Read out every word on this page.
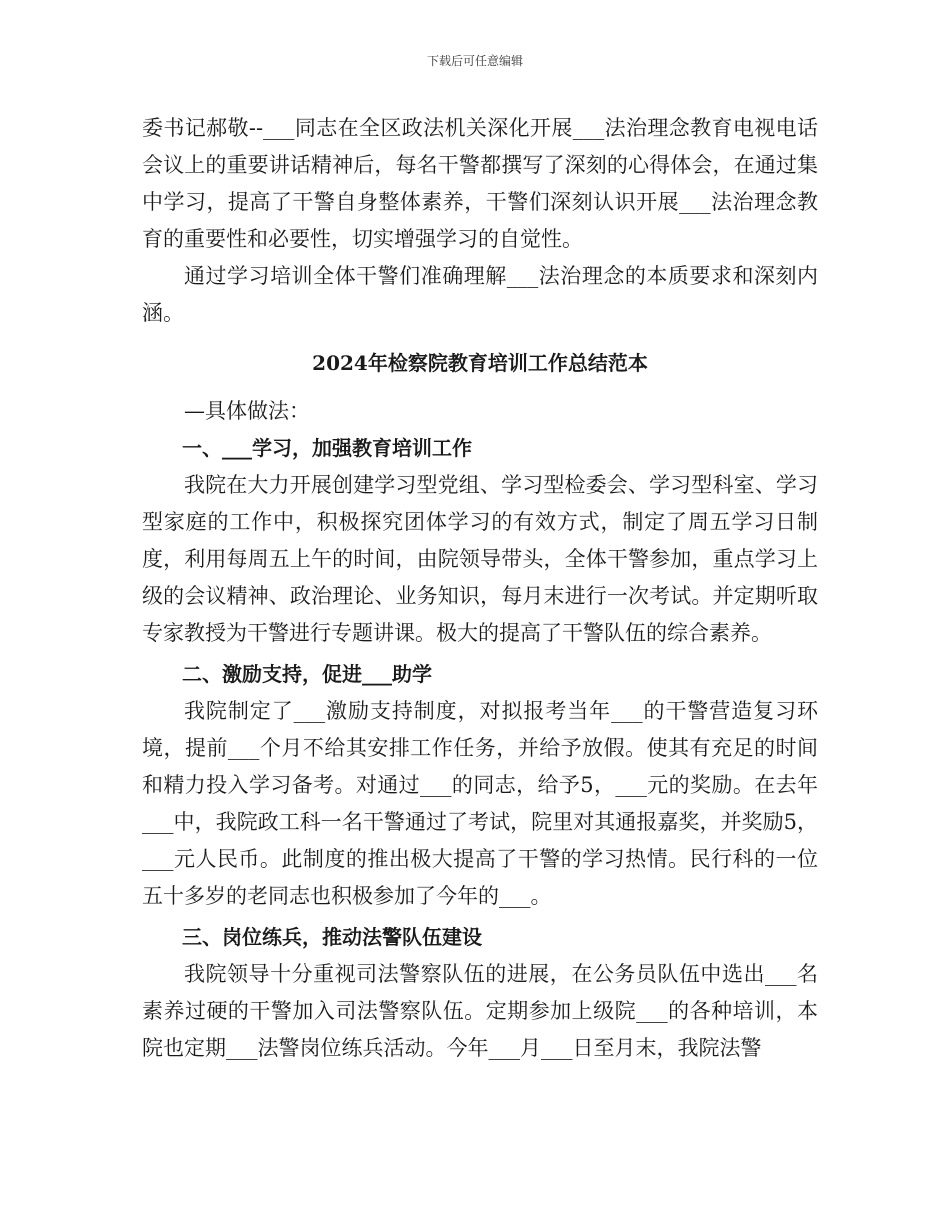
下载后可任意编辑

委书记郝敬--___同志在全区政法机关深化开展___法治理念教育电视电话会议上的重要讲话精神后，每名干警都撰写了深刻的心得体会，在通过集中学习，提高了干警自身整体素养，干警们深刻认识开展___法治理念教育的重要性和必要性，切实增强学习的自觉性。

通过学习培训全体干警们准确理解___法治理念的本质要求和深刻内涵。

2024年检察院教育培训工作总结范本

—具体做法：

一、___学习，加强教育培训工作

我院在大力开展创建学习型党组、学习型检委会、学习型科室、学习型家庭的工作中，积极探究团体学习的有效方式，制定了周五学习日制度，利用每周五上午的时间，由院领导带头，全体干警参加，重点学习上级的会议精神、政治理论、业务知识，每月末进行一次考试。并定期听取专家教授为干警进行专题讲课。极大的提高了干警队伍的综合素养。

二、激励支持，促进___助学

我院制定了___激励支持制度，对拟报考当年___的干警营造复习环境，提前___个月不给其安排工作任务，并给予放假。使其有充足的时间和精力投入学习备考。对通过___的同志，给予5，___元的奖励。在去年___中，我院政工科一名干警通过了考试，院里对其通报嘉奖，并奖励5，___元人民币。此制度的推出极大提高了干警的学习热情。民行科的一位五十多岁的老同志也积极参加了今年的___。

三、岗位练兵，推动法警队伍建设

我院领导十分重视司法警察队伍的进展，在公务员队伍中选出___名素养过硬的干警加入司法警察队伍。定期参加上级院___的各种培训，本院也定期___法警岗位练兵活动。今年___月___日至月末，我院法警
